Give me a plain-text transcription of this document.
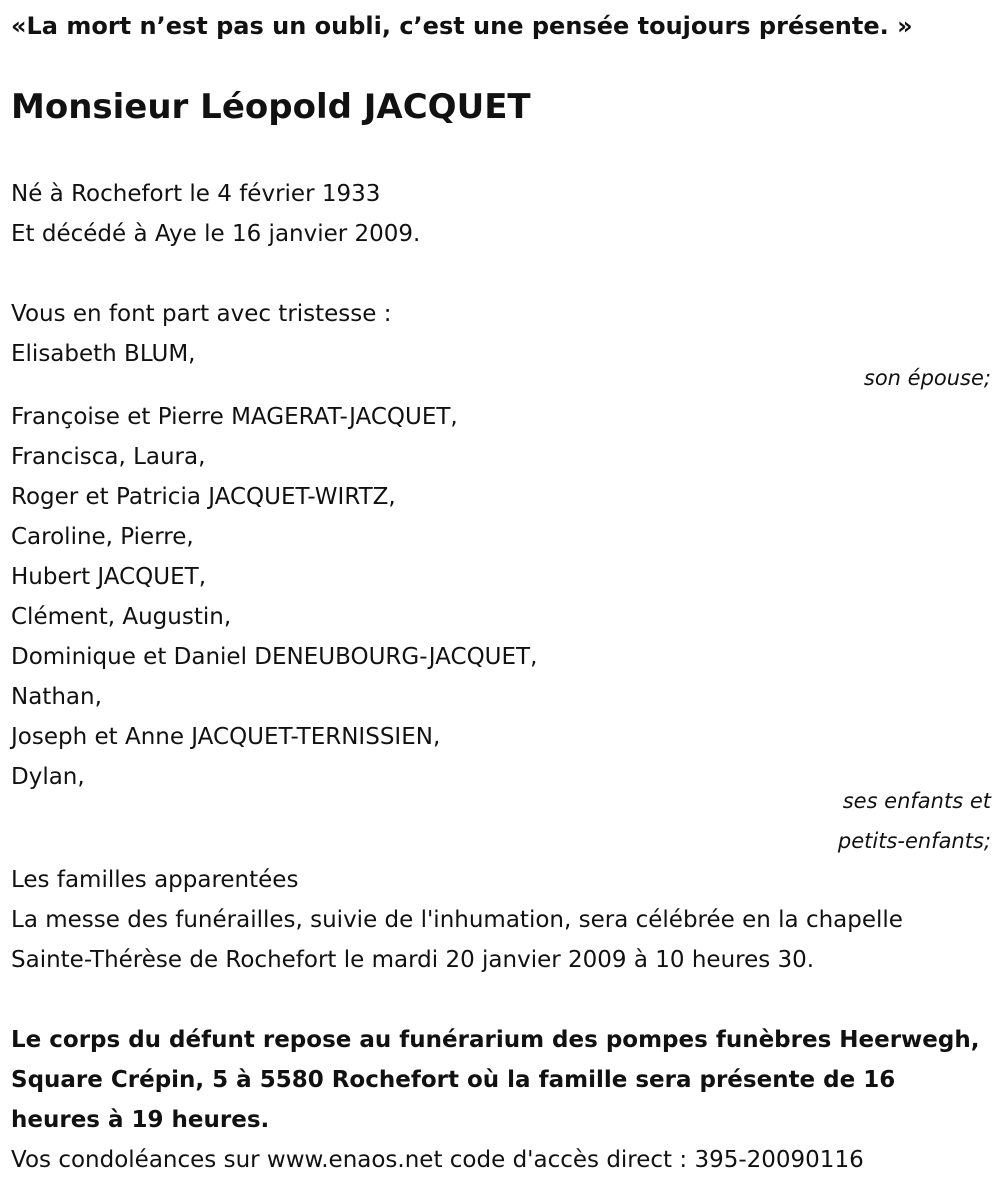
«La mort n’est pas un oubli, c’est une pensée toujours présente. »

Monsieur Léopold JACQUET

Né à Rochefort le 4 février 1933

Et décédé à Aye le 16 janvier 2009.

Vous en font part avec tristesse :

Elisabeth BLUM,

son épouse;

Françoise et Pierre MAGERAT-JACQUET,

Francisca, Laura,

Roger et Patricia JACQUET-WIRTZ,

Caroline, Pierre,

Hubert JACQUET,

Clément, Augustin,

Dominique et Daniel DENEUBOURG-JACQUET,

Nathan,

Joseph et Anne JACQUET-TERNISSIEN,

Dylan,

ses enfants et

petits-enfants;

Les familles apparentées

La messe des funérailles, suivie de l'inhumation, sera célébrée en la chapelle Sainte-Thérèse de Rochefort le mardi 20 janvier 2009 à 10 heures 30.

Le corps du défunt repose au funérarium des pompes funèbres Heerwegh, Square Crépin, 5 à 5580 Rochefort où la famille sera présente de 16 heures à 19 heures.

Vos condoléances sur www.enaos.net code d'accès direct : 395-20090116
